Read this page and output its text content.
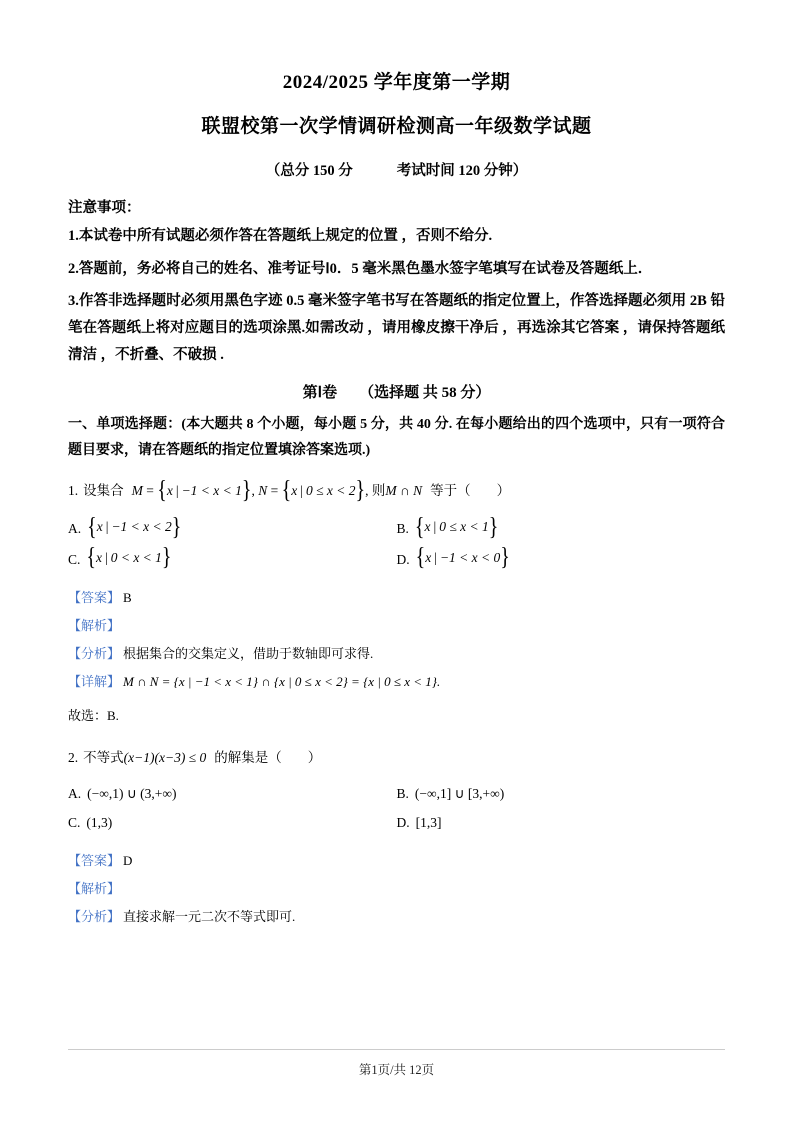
2024/2025 学年度第一学期
联盟校第一次学情调研检测高一年级数学试题
（总分 150 分	考试时间 120 分钟）
注意事项：
1.本试卷中所有试题必须作答在答题纸上规定的位置 ，否则不给分.
2.答题前，务必将自己的姓名、准考证号Ⅰ0．5 毫米黑色墨水签字笔填写在试卷及答题纸上．
3.作答非选择题时必须用黑色字迹 0.5 毫米签字笔书写在答题纸的指定位置上，作答选择题必须用 2B 铅笔在答题纸上将对应题目的选项涂黑.如需改动 ，请用橡皮擦干净后 ，再选涂其它答案 ，请保持答题纸清洁 ，不折叠、不破损 .
第Ⅰ卷 （选择题 共 58 分）
一、单项选择题：(本大题共 8 个小题，每小题 5 分，共 40 分. 在每小题给出的四个选项中，只有一项符合题目要求，请在答题纸的指定位置填涂答案选项.)
1. 设集合 M = { x | −1 < x < 1 } , N = { x | 0 ≤ x < 2 } , 则 M ∩ N 等于（ ）
A. { x | −1 < x < 2 }	B. { x | 0 ≤ x < 1 }
C. { x | 0 < x < 1 }	D. { x | −1 < x < 0 }
【答案】 B
【解析】
【分析】 根据集合的交集定义，借助于数轴即可求得.
【详解】 M ∩ N = {x | −1 < x < 1} ∩ {x | 0 ≤ x < 2} = {x | 0 ≤ x < 1}.
故选：B.
2. 不等式 (x−1)(x−3) ≤ 0 的解集是（ ）
A. (−∞,1) ∪ (3,+∞)	B. (−∞,1] ∪ [3,+∞)
C. (1,3)	D. [1,3]
【答案】 D
【解析】
【分析】 直接求解一元二次不等式即可.
第1页/共 12页
